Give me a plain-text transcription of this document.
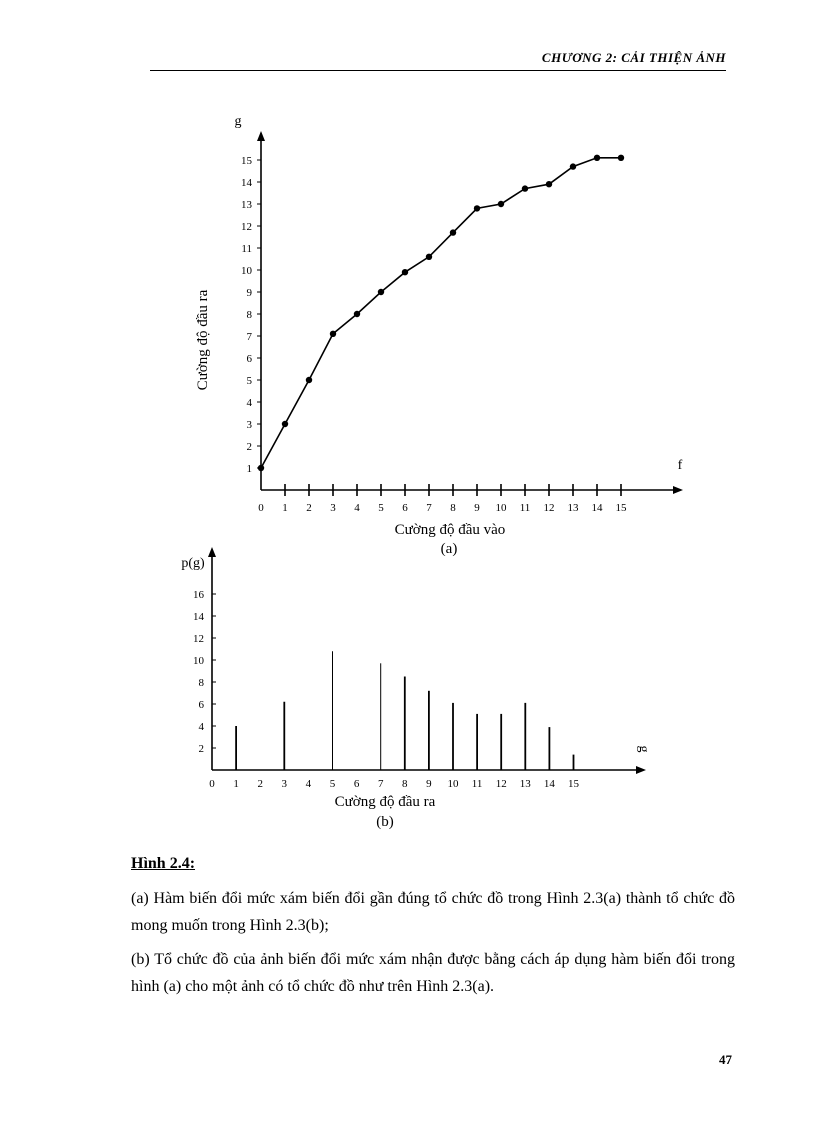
CHƯƠNG 2: CẢI THIỆN ẢNH
1
2
3
4
5
6
7
8
9
10
11
12
13
14
15
0 1 2 3 4 5 6 7 8 9 10 11 12 13 14 15
g
f
Cường độ đầu ra
Cường độ đầu vào
(a)
2
4
6
8
10
12
14
16
0 1 2 3 4 5 6 7 8 9 10 11 12 13 14 15
p(g)
g
Cường độ đầu ra
(b)
Hình 2.4:
(a) Hàm biến đổi mức xám biến đổi gần đúng tổ chức đồ trong Hình 2.3(a) thành tổ chức đồ mong muốn trong Hình 2.3(b);
(b) Tổ chức đồ của ảnh biến đổi mức xám nhận được bằng cách áp dụng hàm biến đổi trong hình (a) cho một ảnh có tổ chức đồ như trên Hình 2.3(a).
47
